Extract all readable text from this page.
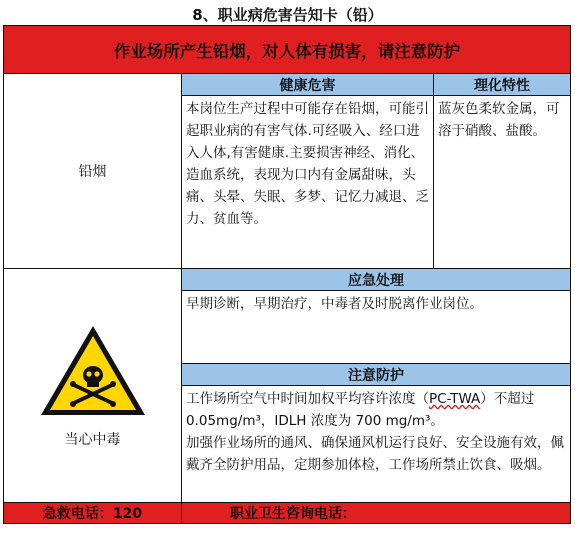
8、职业病危害告知卡（铅）
作业场所产生铅烟，对人体有损害，请注意防护		
铅烟	健康危害	理化特性
	本岗位生产过程中可能存在铅烟，可能引起职业病的有害气体.可经吸入、经口进入人体,有害健康.主要损害神经、消化、造血系统，表现为口内有金属甜味，头痛、头晕、失眠、多梦、记忆力减退、乏力、贫血等。	蓝灰色柔软金属，可溶于硝酸、盐酸。

当心中毒	应急处理	
	早期诊断，早期治疗，中毒者及时脱离作业岗位。	
	注意防护	
	工作场所空气中时间加权平均容许浓度（PC-TWA）不超过 0.05mg/m³，IDLH 浓度为 700 mg/m³。
加强作业场所的通风、确保通风机运行良好、安全设施有效，佩戴齐全防护用品，定期参加体检，工作场所禁止饮食、吸烟。	
急救电话：120	职业卫生咨询电话：	
